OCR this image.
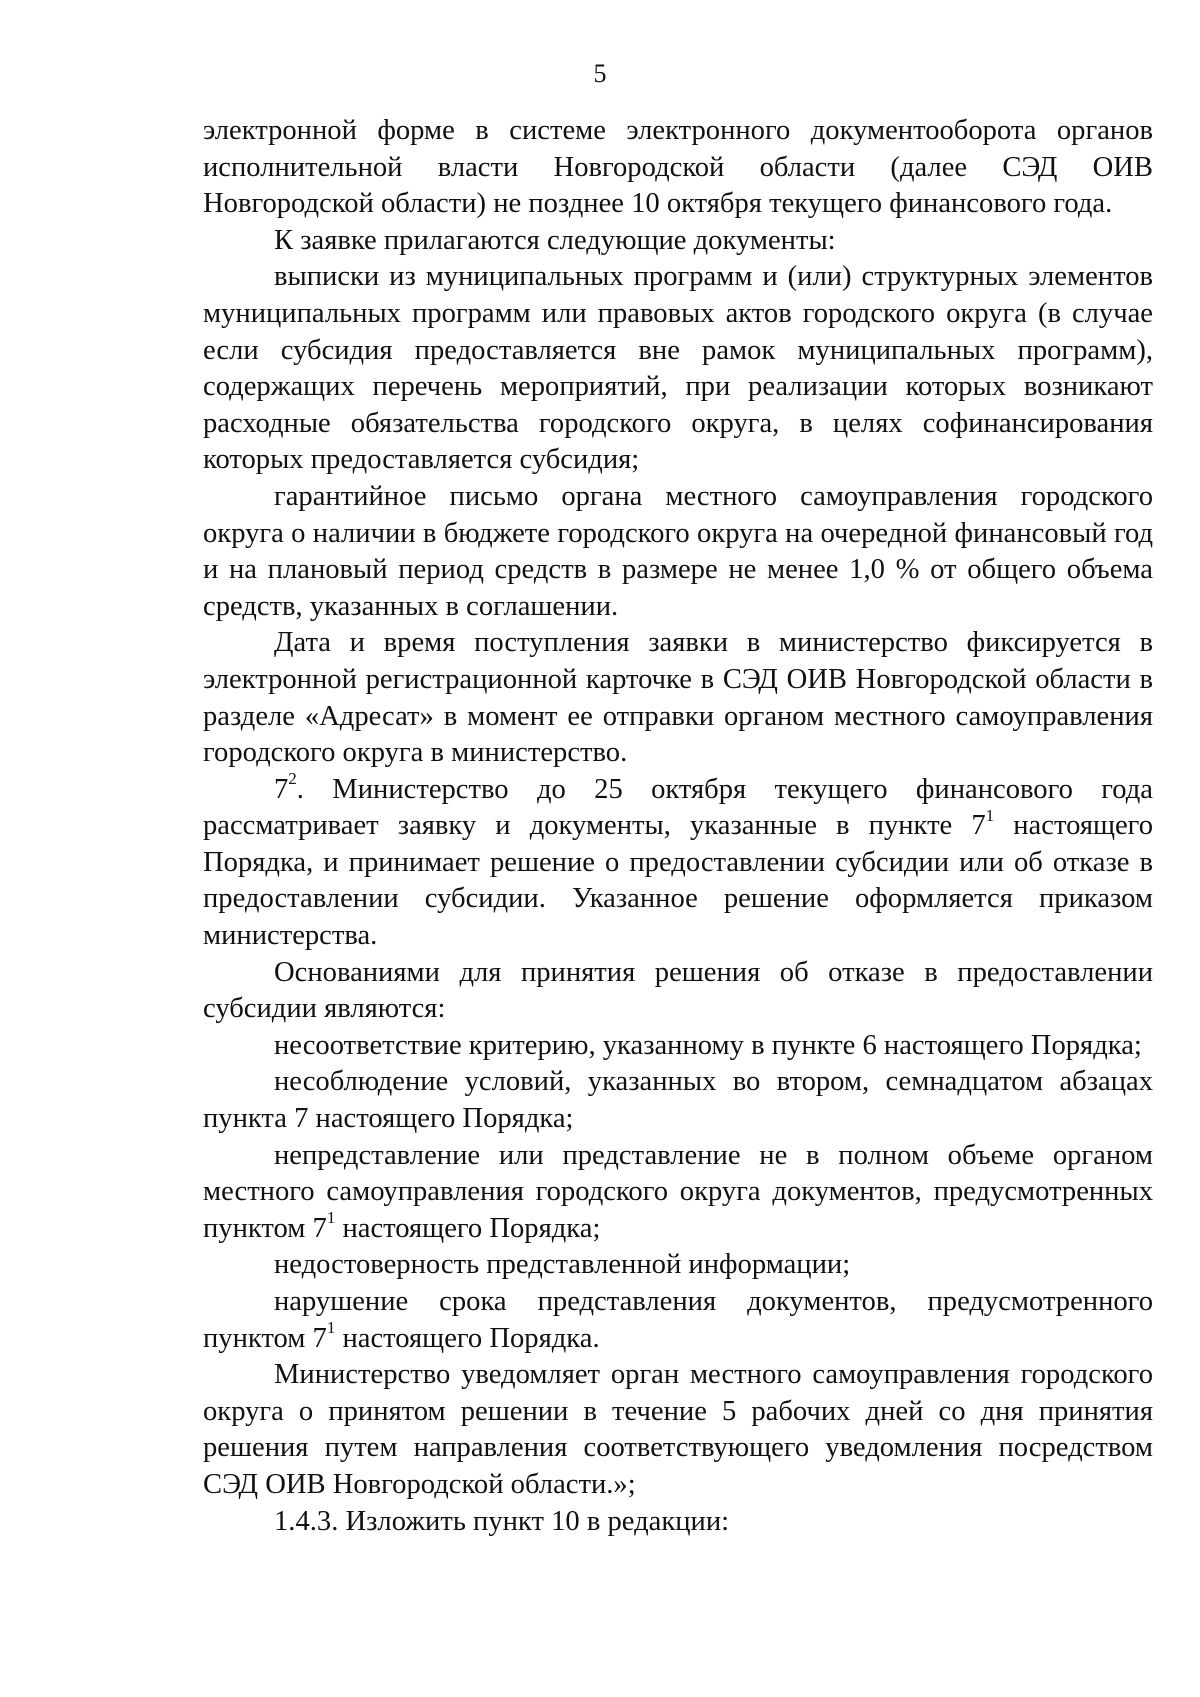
5

электронной форме в системе электронного документооборота органов исполнительной власти Новгородской области (далее СЭД ОИВ Новгородской области) не позднее 10 октября текущего финансового года.

К заявке прилагаются следующие документы:

выписки из муниципальных программ и (или) структурных элементов муниципальных программ или правовых актов городского округа (в случае если субсидия предоставляется вне рамок муниципальных программ), содержащих перечень мероприятий, при реализации которых возникают расходные обязательства городского округа, в целях софинансирования которых предоставляется субсидия;

гарантийное письмо органа местного самоуправления городского округа о наличии в бюджете городского округа на очередной финансовый год и на плановый период средств в размере не менее 1,0 % от общего объема средств, указанных в соглашении.

Дата и время поступления заявки в министерство фиксируется в электронной регистрационной карточке в СЭД ОИВ Новгородской области в разделе «Адресат» в момент ее отправки органом местного самоуправления городского округа в министерство.

$7^2$. Министерство до 25 октября текущего финансового года рассматривает заявку и документы, указанные в пункте $7^1$ настоящего Порядка, и принимает решение о предоставлении субсидии или об отказе в предоставлении субсидии. Указанное решение оформляется приказом министерства.

Основаниями для принятия решения об отказе в предоставлении субсидии являются:

несоответствие критерию, указанному в пункте 6 настоящего Порядка;

несоблюдение условий, указанных во втором, семнадцатом абзацах пункта 7 настоящего Порядка;

непредставление или представление не в полном объеме органом местного самоуправления городского округа документов, предусмотренных пунктом $7^1$ настоящего Порядка;

недостоверность представленной информации;

нарушение срока представления документов, предусмотренного пунктом $7^1$ настоящего Порядка.

Министерство уведомляет орган местного самоуправления городского округа о принятом решении в течение 5 рабочих дней со дня принятия решения путем направления соответствующего уведомления посредством СЭД ОИВ Новгородской области.»;

1.4.3. Изложить пункт 10 в редакции:
